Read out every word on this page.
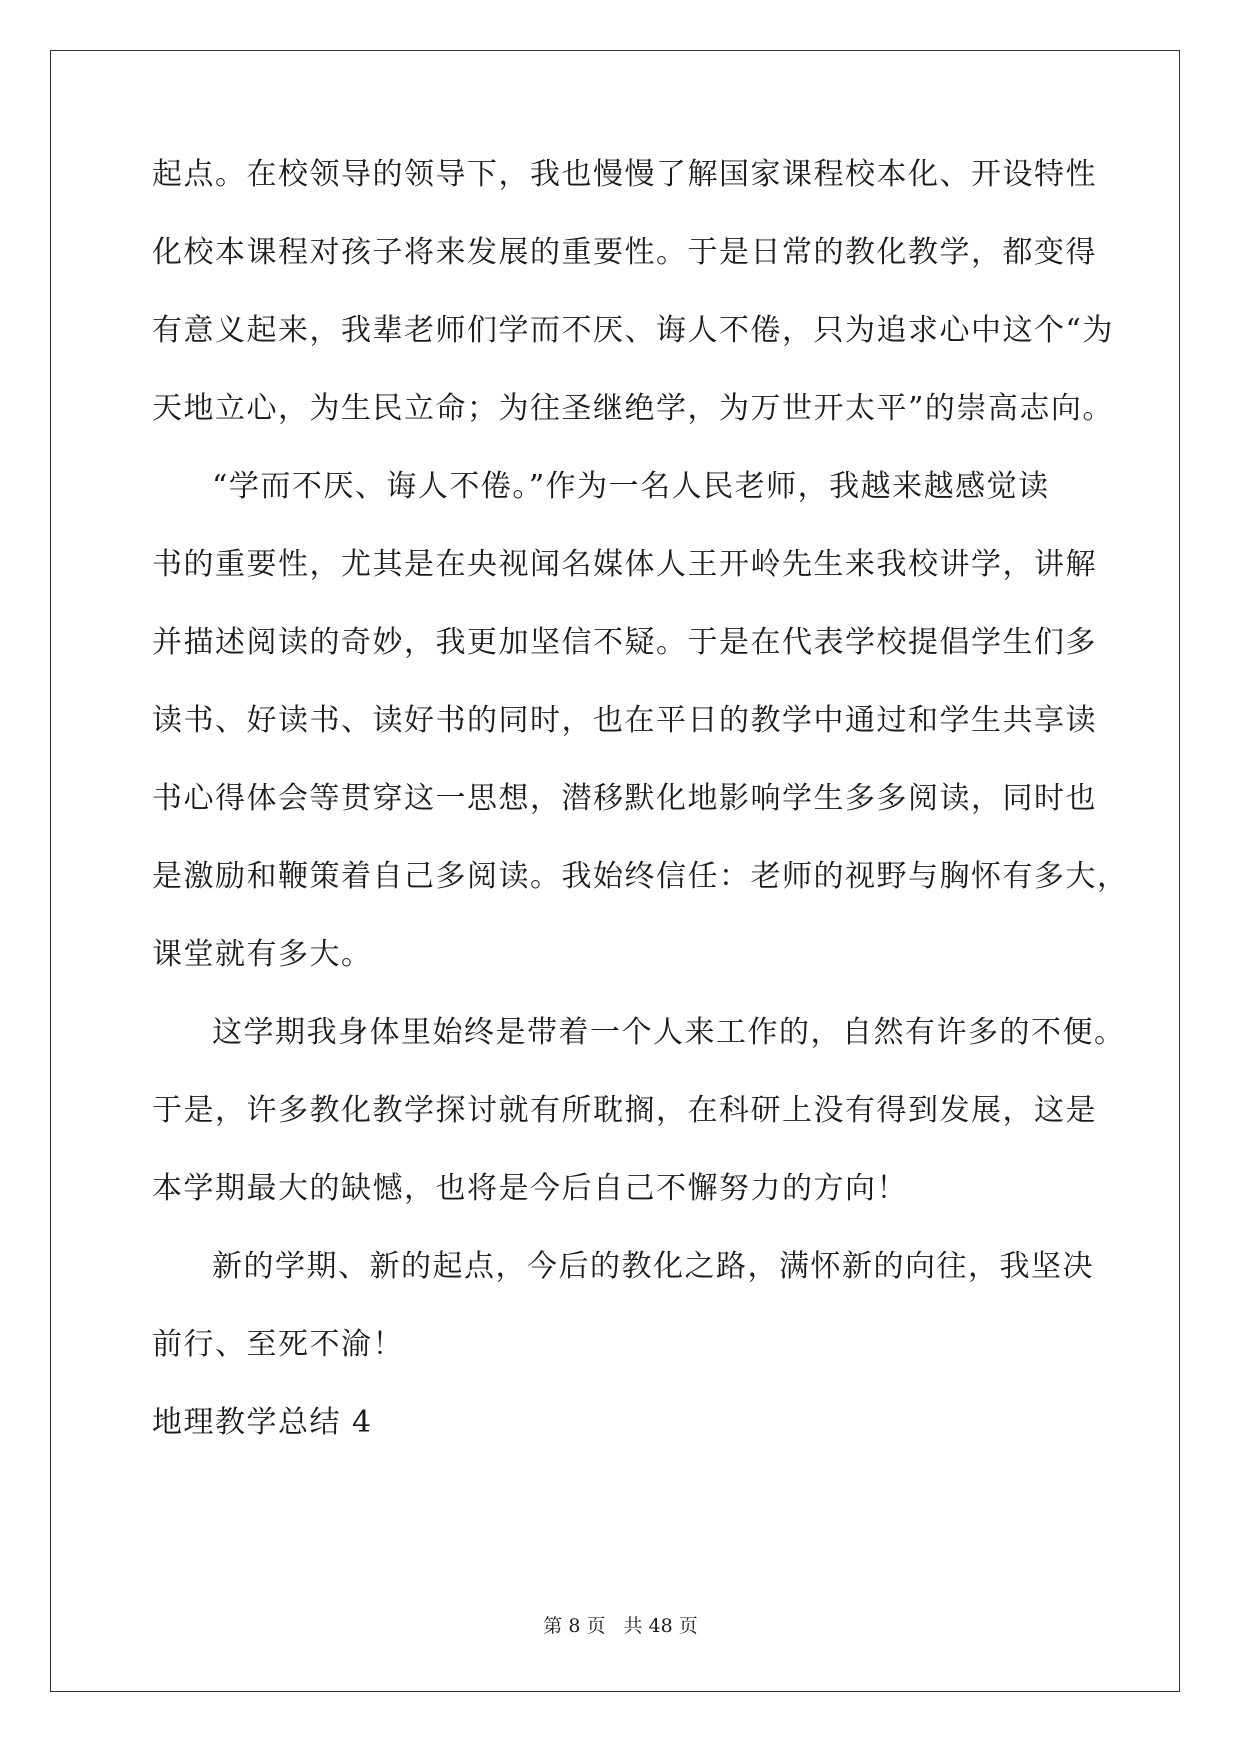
起点。在校领导的领导下，我也慢慢了解国家课程校本化、开设特性

化校本课程对孩子将来发展的重要性。于是日常的教化教学，都变得

有意义起来，我辈老师们学而不厌、诲人不倦，只为追求心中这个“为

天地立心，为生民立命；为往圣继绝学，为万世开太平”的崇高志向。

“学而不厌、诲人不倦。”作为一名人民老师，我越来越感觉读

书的重要性，尤其是在央视闻名媒体人王开岭先生来我校讲学，讲解

并描述阅读的奇妙，我更加坚信不疑。于是在代表学校提倡学生们多

读书、好读书、读好书的同时，也在平日的教学中通过和学生共享读

书心得体会等贯穿这一思想，潜移默化地影响学生多多阅读，同时也

是激励和鞭策着自己多阅读。我始终信任：老师的视野与胸怀有多大，

课堂就有多大。

这学期我身体里始终是带着一个人来工作的，自然有许多的不便。

于是，许多教化教学探讨就有所耽搁，在科研上没有得到发展，这是

本学期最大的缺憾，也将是今后自己不懈努力的方向！

新的学期、新的起点，今后的教化之路，满怀新的向往，我坚决

前行、至死不渝！

地理教学总结 4

第 8 页 共 48 页
